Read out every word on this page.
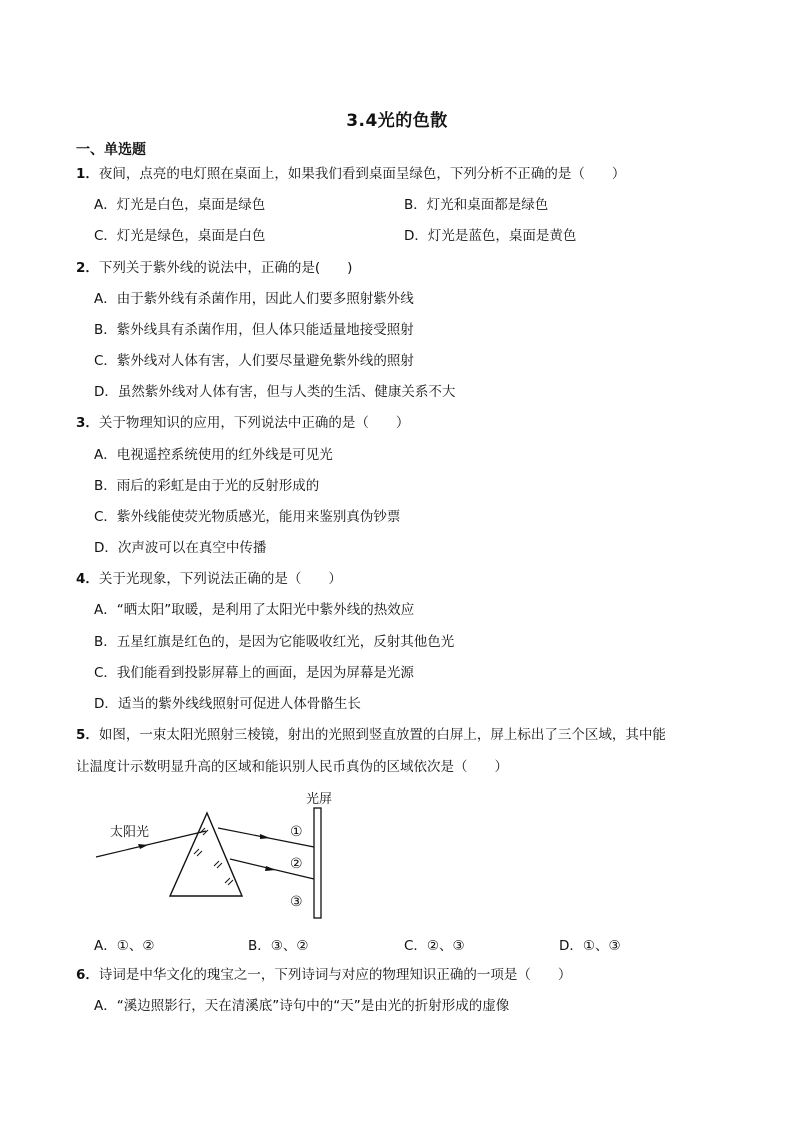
3.4光的色散
一、单选题
1．夜间，点亮的电灯照在桌面上，如果我们看到桌面呈绿色，下列分析不正确的是（　　）
A．灯光是白色，桌面是绿色	B．灯光和桌面都是绿色
C．灯光是绿色，桌面是白色	D．灯光是蓝色，桌面是黄色
2．下列关于紫外线的说法中，正确的是(　　)
A．由于紫外线有杀菌作用，因此人们要多照射紫外线
B．紫外线具有杀菌作用，但人体只能适量地接受照射
C．紫外线对人体有害，人们要尽量避免紫外线的照射
D．虽然紫外线对人体有害，但与人类的生活、健康关系不大
3．关于物理知识的应用，下列说法中正确的是（　　）
A．电视遥控系统使用的红外线是可见光
B．雨后的彩虹是由于光的反射形成的
C．紫外线能使荧光物质感光，能用来鉴别真伪钞票
D．次声波可以在真空中传播
4．关于光现象，下列说法正确的是（　　）
A．“晒太阳”取暖，是利用了太阳光中紫外线的热效应
B．五星红旗是红色的，是因为它能吸收红光，反射其他色光
C．我们能看到投影屏幕上的画面，是因为屏幕是光源
D．适当的紫外线线照射可促进人体骨骼生长
5．如图，一束太阳光照射三棱镜，射出的光照到竖直放置的白屏上，屏上标出了三个区域，其中能
让温度计示数明显升高的区域和能识别人民币真伪的区域依次是（　　）
光屏
太阳光	①
②
③
A．①、②	B．③、②	C．②、③	D．①、③
6．诗词是中华文化的瑰宝之一，下列诗词与对应的物理知识正确的一项是（　　）
A．“溪边照影行，天在清溪底”诗句中的“天”是由光的折射形成的虚像
